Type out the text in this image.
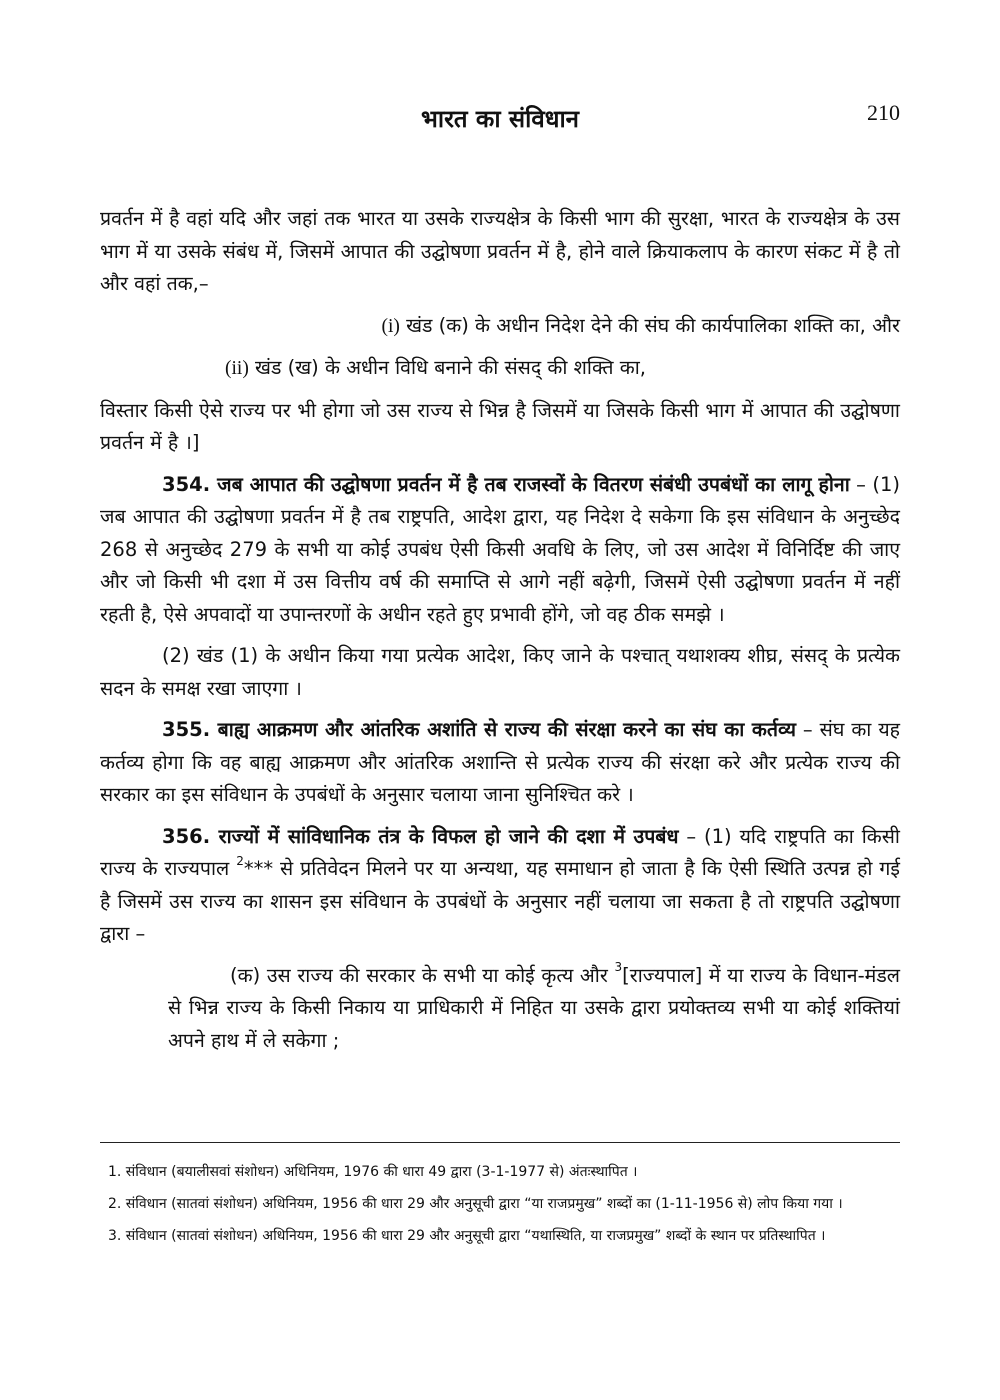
भारत का संविधान	210

प्रवर्तन में है वहां यदि और जहां तक भारत या उसके राज्यक्षेत्र के किसी भाग की सुरक्षा, भारत के राज्यक्षेत्र के उस भाग में या उसके संबंध में, जिसमें आपात की उद्घोषणा प्रवर्तन में है, होने वाले क्रियाकलाप के कारण संकट में है तो और वहां तक,–

(i) खंड (क) के अधीन निदेश देने की संघ की कार्यपालिका शक्ति का, और

(ii) खंड (ख) के अधीन विधि बनाने की संसद् की शक्ति का,

विस्तार किसी ऐसे राज्य पर भी होगा जो उस राज्य से भिन्न है जिसमें या जिसके किसी भाग में आपात की उद्घोषणा प्रवर्तन में है ।]

354. जब आपात की उद्घोषणा प्रवर्तन में है तब राजस्वों के वितरण संबंधी उपबंधों का लागू होना – (1) जब आपात की उद्घोषणा प्रवर्तन में है तब राष्ट्रपति, आदेश द्वारा, यह निदेश दे सकेगा कि इस संविधान के अनुच्छेद 268 से अनुच्छेद 279 के सभी या कोई उपबंध ऐसी किसी अवधि के लिए, जो उस आदेश में विनिर्दिष्ट की जाए और जो किसी भी दशा में उस वित्तीय वर्ष की समाप्ति से आगे नहीं बढ़ेगी, जिसमें ऐसी उद्घोषणा प्रवर्तन में नहीं रहती है, ऐसे अपवादों या उपान्तरणों के अधीन रहते हुए प्रभावी होंगे, जो वह ठीक समझे ।

(2) खंड (1) के अधीन किया गया प्रत्येक आदेश, किए जाने के पश्चात् यथाशक्य शीघ्र, संसद् के प्रत्येक सदन के समक्ष रखा जाएगा ।

355. बाह्य आक्रमण और आंतरिक अशांति से राज्य की संरक्षा करने का संघ का कर्तव्य – संघ का यह कर्तव्य होगा कि वह बाह्य आक्रमण और आंतरिक अशान्ति से प्रत्येक राज्य की संरक्षा करे और प्रत्येक राज्य की सरकार का इस संविधान के उपबंधों के अनुसार चलाया जाना सुनिश्चित करे ।

356. राज्यों में सांविधानिक तंत्र के विफल हो जाने की दशा में उपबंध – (1) यदि राष्ट्रपति का किसी राज्य के राज्यपाल $^2$*** से प्रतिवेदन मिलने पर या अन्यथा, यह समाधान हो जाता है कि ऐसी स्थिति उत्पन्न हो गई है जिसमें उस राज्य का शासन इस संविधान के उपबंधों के अनुसार नहीं चलाया जा सकता है तो राष्ट्रपति उद्घोषणा द्वारा –

(क) उस राज्य की सरकार के सभी या कोई कृत्य और $^3$[राज्यपाल] में या राज्य के विधान-मंडल से भिन्न राज्य के किसी निकाय या प्राधिकारी में निहित या उसके द्वारा प्रयोक्तव्य सभी या कोई शक्तियां अपने हाथ में ले सकेगा ;

1. संविधान (बयालीसवां संशोधन) अधिनियम, 1976 की धारा 49 द्वारा (3-1-1977 से) अंतःस्थापित ।

2. संविधान (सातवां संशोधन) अधिनियम, 1956 की धारा 29 और अनुसूची द्वारा “या राजप्रमुख” शब्दों का (1-11-1956 से) लोप किया गया ।

3. संविधान (सातवां संशोधन) अधिनियम, 1956 की धारा 29 और अनुसूची द्वारा “यथास्थिति, या राजप्रमुख” शब्दों के स्थान पर प्रतिस्थापित ।
